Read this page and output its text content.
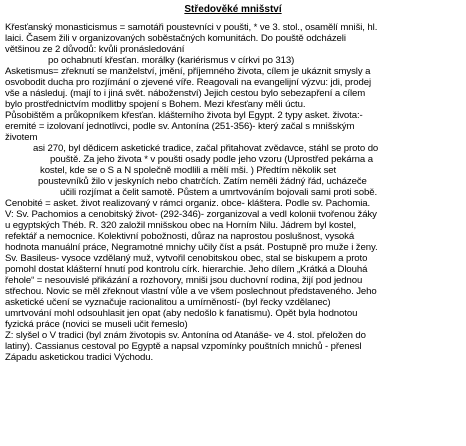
Středověké mnišství
Křesťanský monasticismus = samotáři poustevníci v poušti, * ve 3. stol., osamělí mniši, hl.
laici. Časem žili v organizovaných soběstačných komunitách. Do pouště odcházeli
většinou ze 2 důvodů: kvůli pronásledování
po ochabnutí křesťan. morálky (kariérismus v církvi po 313)
Asketismus= zřeknutí se manželství, jmění, příjemného života, cílem je ukáznit smysly a
osvobodit ducha pro rozjímání o zjevené víře. Reagovali na evangelijní výzvu: jdi, prodej
vše a následuj. (mají to i jiná svět. náboženství) Jejich cestou bylo sebezapření a cílem
bylo prostřednictvím modlitby spojení s Bohem. Mezi křesťany měli úctu.
Působištěm a průkopníkem křesťan. klášterního života byl Egypt. 2 typy asket. života:-
eremité = izolovaní jednotlivci, podle sv. Antonína (251-356)- který začal s mnišským
životem
asi 270, byl dědicem asketické tradice, začal přitahovat zvědavce, stáhl se proto do
pouště. Za jeho života * v poušti osady podle jeho vzoru (Uprostřed pekárna a
kostel, kde se o S a N společně modlili a mělí mši. ) Předtím několik set
poustevníků žilo v jeskyních nebo chatrčích. Zatím neměli žádný řád, ucházeče
učili rozjímat a čelit samotě. Půstem a umrtvováním bojovali sami proti sobě.
Cenobité = asket. život realizovaný v rámci organiz. obce- kláštera. Podle sv. Pachomia.
V: Sv. Pachomios a cenobitský život- (292-346)- zorganizoval a vedl kolonii tvořenou žáky
u egyptských Théb. R. 320 založil mnišskou obec na Horním Nilu. Jádrem byl kostel,
refektář a nemocnice. Kolektivní pobožnosti, důraz na naprostou poslušnost, vysoká
hodnota manuální práce, Negramotné mnichy učily číst a psát. Postupně pro muže i ženy.
Sv. Basileus- vysoce vzdělaný muž, vytvořil cenobitskou obec, stal se biskupem a proto
pomohl dostat klášterní hnutí pod kontrolu círk. hierarchie. Jeho dílem „Krátká a Dlouhá
řehole“ = nesouvislé přikázání a rozhovory, mniši jsou duchovní rodina, žijí pod jednou
střechou. Novic se měl zřeknout vlastní vůle a ve všem poslechnout představeného. Jeho
asketické učení se vyznačuje racionalitou a umírněností- (byl řecky vzdělanec)
umrtvování mohl odsouhlasit jen opat (aby nedošlo k fanatismu). Opět byla hodnotou
fyzická práce (novici se museli učit řemeslo)
Z: slyšel o V tradici (byl znám životopis sv. Antonína od Atanáše- ve 4. stol. přeložen do
latiny). Cassianus cestoval po Egyptě a napsal vzpomínky pouštních mnichů - přenesl
Západu asketickou tradici Východu.
